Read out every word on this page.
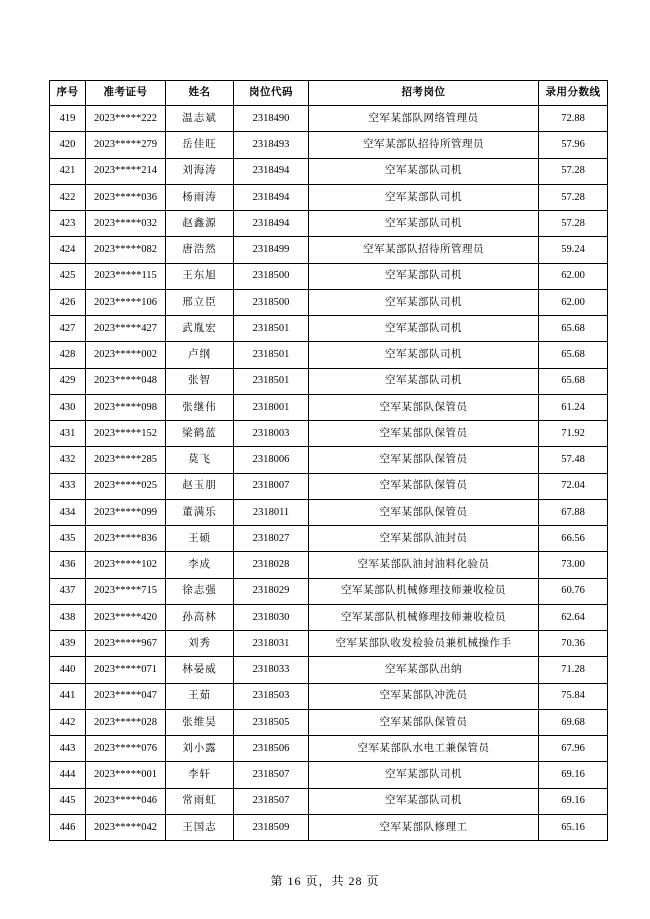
序号	准考证号	姓名	岗位代码	招考岗位	录用分数线
419	2023*****222	温志斌	2318490	空军某部队网络管理员	72.88
420	2023*****279	岳佳旺	2318493	空军某部队招待所管理员	57.96
421	2023*****214	刘海涛	2318494	空军某部队司机	57.28
422	2023*****036	杨雨涛	2318494	空军某部队司机	57.28
423	2023*****032	赵鑫源	2318494	空军某部队司机	57.28
424	2023*****082	唐浩然	2318499	空军某部队招待所管理员	59.24
425	2023*****115	王东旭	2318500	空军某部队司机	62.00
426	2023*****106	邢立臣	2318500	空军某部队司机	62.00
427	2023*****427	武胤宏	2318501	空军某部队司机	65.68
428	2023*****002	卢纲	2318501	空军某部队司机	65.68
429	2023*****048	张智	2318501	空军某部队司机	65.68
430	2023*****098	张继伟	2318001	空军某部队保管员	61.24
431	2023*****152	梁鹤蓝	2318003	空军某部队保管员	71.92
432	2023*****285	莫飞	2318006	空军某部队保管员	57.48
433	2023*****025	赵玉朋	2318007	空军某部队保管员	72.04
434	2023*****099	董满乐	2318011	空军某部队保管员	67.88
435	2023*****836	王硕	2318027	空军某部队油封员	66.56
436	2023*****102	李成	2318028	空军某部队油封油料化验员	73.00
437	2023*****715	徐志强	2318029	空军某部队机械修理技师兼收检员	60.76
438	2023*****420	孙高林	2318030	空军某部队机械修理技师兼收检员	62.64
439	2023*****967	刘秀	2318031	空军某部队收发检验员兼机械操作手	70.36
440	2023*****071	林晏威	2318033	空军某部队出纳	71.28
441	2023*****047	王茹	2318503	空军某部队冲洗员	75.84
442	2023*****028	张维昊	2318505	空军某部队保管员	69.68
443	2023*****076	刘小露	2318506	空军某部队水电工兼保管员	67.96
444	2023*****001	李轩	2318507	空军某部队司机	69.16
445	2023*****046	常雨虹	2318507	空军某部队司机	69.16
446	2023*****042	王国志	2318509	空军某部队修理工	65.16
第 16 页，共 28 页
